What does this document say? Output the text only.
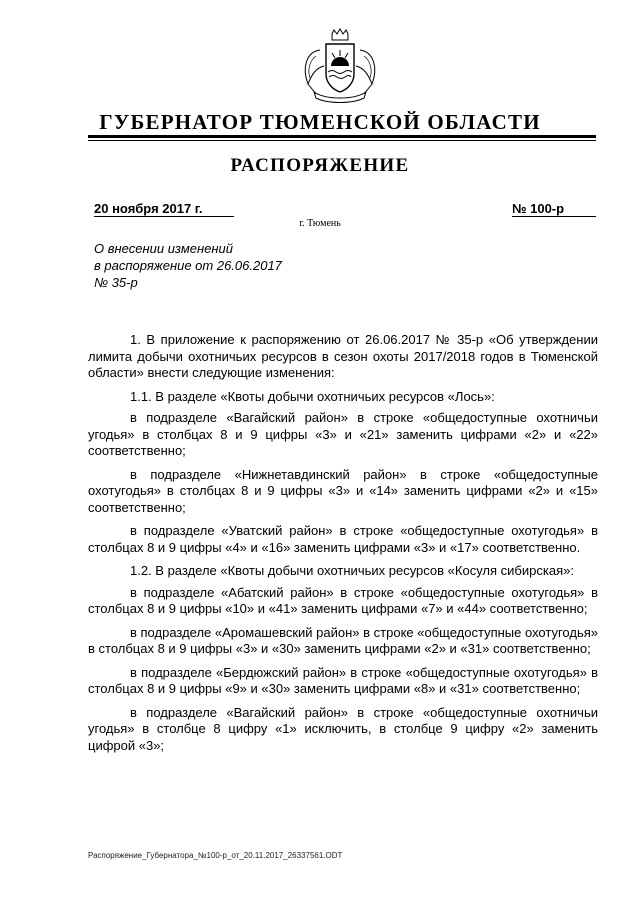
ГУБЕРНАТОР ТЮМЕНСКОЙ ОБЛАСТИ
РАСПОРЯЖЕНИЕ
20 ноября 2017 г.	№ 100-р
г. Тюмень
О внесении изменений
в распоряжение от 26.06.2017
№ 35-р

1. В приложение к распоряжению от 26.06.2017 № 35-р «Об утверждении лимита добычи охотничьих ресурсов в сезон охоты 2017/2018 годов в Тюменской области» внести следующие изменения:

1.1. В разделе «Квоты добычи охотничьих ресурсов «Лось»:

в подразделе «Вагайский район» в строке «общедоступные охотничьи угодья» в столбцах 8 и 9 цифры «3» и «21» заменить цифрами «2» и «22» соответственно;

в подразделе «Нижнетавдинский район» в строке «общедоступные охотугодья» в столбцах 8 и 9 цифры «3» и «14» заменить цифрами «2» и «15» соответственно;

в подразделе «Уватский район» в строке «общедоступные охотугодья» в столбцах 8 и 9 цифры «4» и «16» заменить цифрами «3» и «17» соответственно.

1.2. В разделе «Квоты добычи охотничьих ресурсов «Косуля сибирская»:

в подразделе «Абатский район» в строке «общедоступные охотугодья» в столбцах 8 и 9 цифры «10» и «41» заменить цифрами «7» и «44» соответственно;

в подразделе «Аромашевский район» в строке «общедоступные охотугодья» в столбцах 8 и 9 цифры «3» и «30» заменить цифрами «2» и «31» соответственно;

в подразделе «Бердюжский район» в строке «общедоступные охотугодья» в столбцах 8 и 9 цифры «9» и «30» заменить цифрами «8» и «31» соответственно;

в подразделе «Вагайский район» в строке «общедоступные охотничьи угодья» в столбце 8 цифру «1» исключить, в столбце 9 цифру «2» заменить цифрой «3»;

Распоряжение_Губернатора_№100-р_от_20.11.2017_26337561.ODT
